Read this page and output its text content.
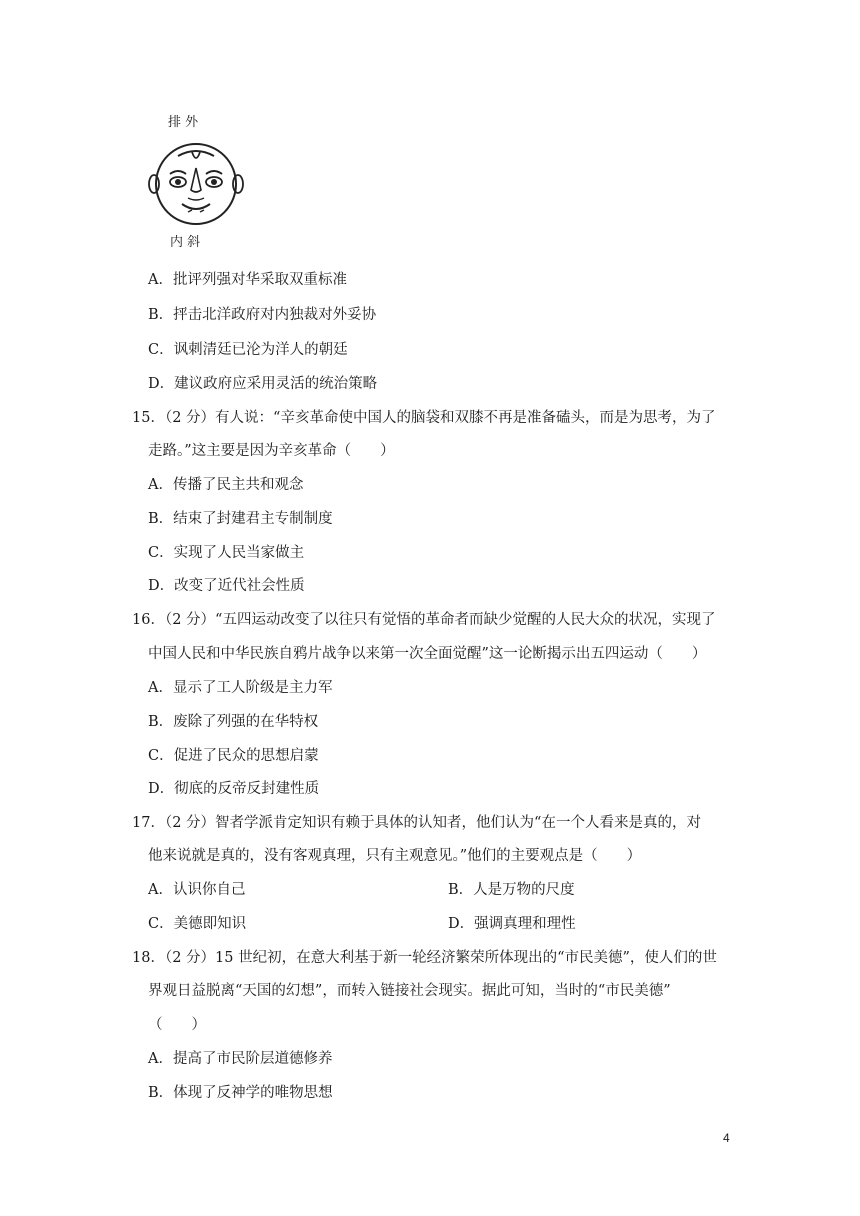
排 外
内 斜
A．批评列强对华采取双重标准
B．抨击北洋政府对内独裁对外妥协
C．讽刺清廷已沦为洋人的朝廷
D．建议政府应采用灵活的统治策略
15．（2 分）有人说：“辛亥革命使中国人的脑袋和双膝不再是准备磕头，而是为思考，为了
走路。”这主要是因为辛亥革命（　　）
A．传播了民主共和观念
B．结束了封建君主专制制度
C．实现了人民当家做主
D．改变了近代社会性质
16．（2 分）“五四运动改变了以往只有觉悟的革命者而缺少觉醒的人民大众的状况，实现了
中国人民和中华民族自鸦片战争以来第一次全面觉醒”这一论断揭示出五四运动（　　）
A．显示了工人阶级是主力军
B．废除了列强的在华特权
C．促进了民众的思想启蒙
D．彻底的反帝反封建性质
17．（2 分）智者学派肯定知识有赖于具体的认知者，他们认为“在一个人看来是真的，对
他来说就是真的，没有客观真理，只有主观意见。”他们的主要观点是（　　）
A．认识你自己	B．人是万物的尺度
C．美德即知识	D．强调真理和理性
18．（2 分）15 世纪初，在意大利基于新一轮经济繁荣所体现出的“市民美德”，使人们的世
界观日益脱离“天国的幻想”，而转入链接社会现实。据此可知，当时的“市民美德”
（　　）
A．提高了市民阶层道德修养
B．体现了反神学的唯物思想
4
